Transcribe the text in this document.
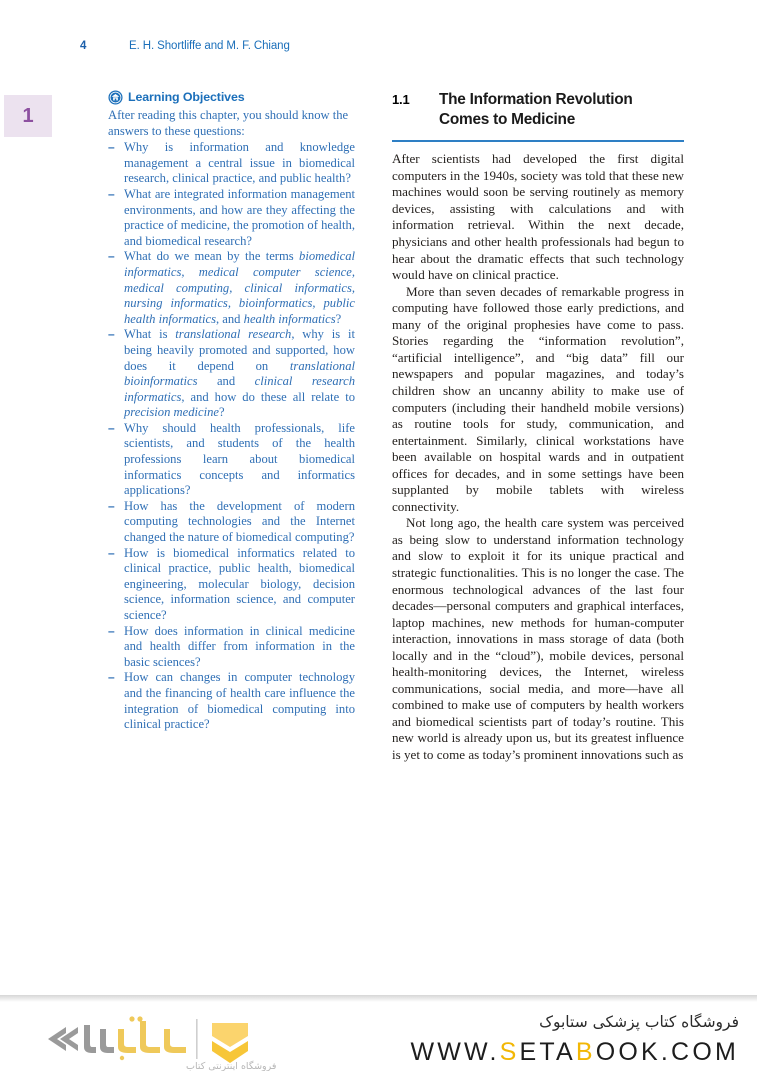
4	E. H. Shortliffe and M. F. Chiang
1
Learning Objectives

After reading this chapter, you should know the answers to these questions:

– Why is information and knowledge management a central issue in biomedical research, clinical practice, and public health?
– What are integrated information management environments, and how are they affecting the practice of medicine, the promotion of health, and biomedical research?
– What do we mean by the terms biomedical informatics, medical computer science, medical computing, clinical informatics, nursing informatics, bioinformatics, public health informatics, and health informatics?
– What is translational research, why is it being heavily promoted and supported, how does it depend on translational bioinformatics and clinical research informatics, and how do these all relate to precision medicine?
– Why should health professionals, life scientists, and students of the health professions learn about biomedical informatics concepts and informatics applications?
– How has the development of modern computing technologies and the Internet changed the nature of biomedical computing?
– How is biomedical informatics related to clinical practice, public health, biomedical engineering, molecular biology, decision science, information science, and computer science?
– How does information in clinical medicine and health differ from information in the basic sciences?
– How can changes in computer technology and the financing of health care influence the integration of biomedical computing into clinical practice?
1.1	The Information Revolution Comes to Medicine

After scientists had developed the first digital computers in the 1940s, society was told that these new machines would soon be serving routinely as memory devices, assisting with calculations and with information retrieval. Within the next decade, physicians and other health professionals had begun to hear about the dramatic effects that such technology would have on clinical practice.

More than seven decades of remarkable progress in computing have followed those early predictions, and many of the original prophesies have come to pass. Stories regarding the “information revolution”, “artificial intelligence”, and “big data” fill our newspapers and popular magazines, and today’s children show an uncanny ability to make use of computers (including their handheld mobile versions) as routine tools for study, communication, and entertainment. Similarly, clinical workstations have been available on hospital wards and in outpatient offices for decades, and in some settings have been supplanted by mobile tablets with wireless connectivity.

Not long ago, the health care system was perceived as being slow to understand information technology and slow to exploit it for its unique practical and strategic functionalities. This is no longer the case. The enormous technological advances of the last four decades—personal computers and graphical interfaces, laptop machines, new methods for human-computer interaction, innovations in mass storage of data (both locally and in the “cloud”), mobile devices, personal health-monitoring devices, the Internet, wireless communications, social media, and more—have all combined to make use of computers by health workers and biomedical scientists part of today’s routine. This new world is already upon us, but its greatest influence is yet to come as today’s prominent innovations such as

فروشگاه اینترنتی کتاب
فروشگاه کتاب پزشکی ستابوک
WWW.SETABOOK.COM
